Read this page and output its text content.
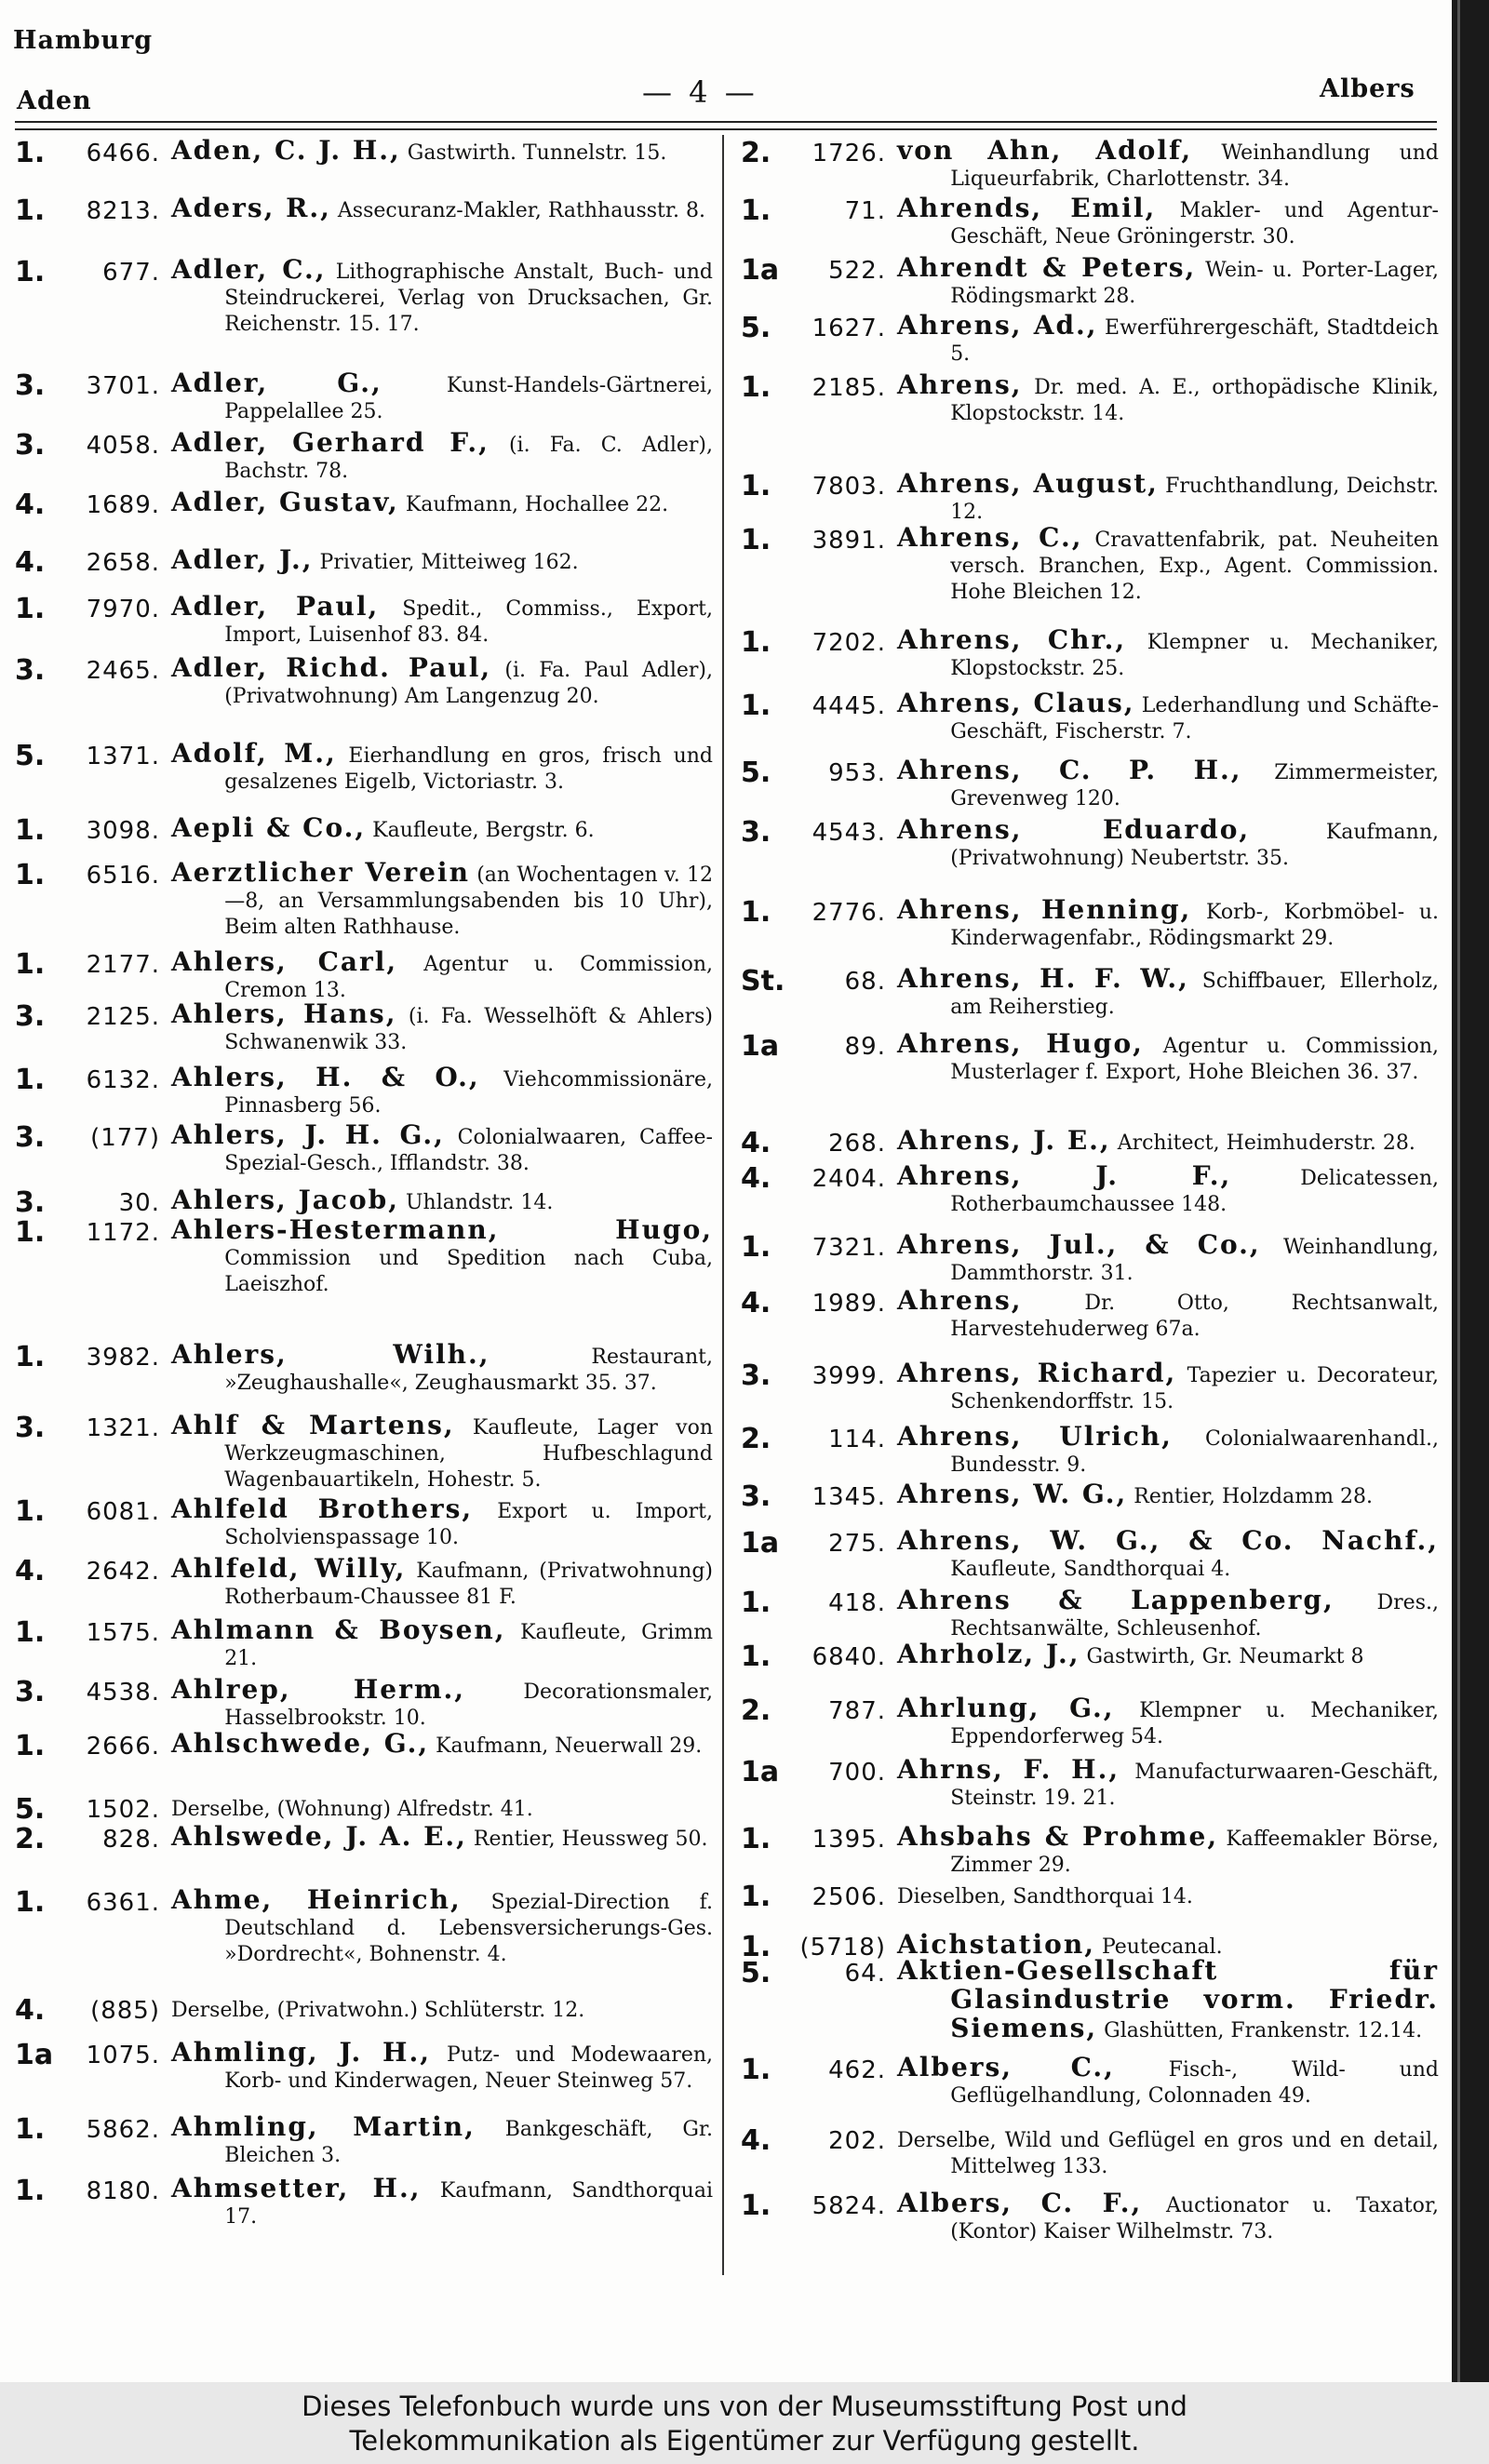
Hamburg
Aden	— 4 —	Albers
1.	6466. Aden, C. J. H., Gastwirth. Tunnelstr. 15.
1.	8213. Aders, R., Assecuranz-Makler, Rathhausstr. 8.
1.	677. Adler, C., Lithographische Anstalt, Buch- und Steindruckerei, Verlag von Drucksachen, Gr. Reichenstr. 15. 17.
3.	3701. Adler, G.,	Kunst-Handels-Gärtnerei, Pappelallee 25.
3.	4058. Adler, Gerhard F., (i. Fa. C. Adler), Bachstr. 78.
4.	1689. Adler, Gustav, Kaufmann, Hochallee 22.
4.	2658. Adler, J., Privatier, Mitteiweg 162.
1.	7970. Adler, Paul, Spedit., Commiss., Export, Import, Luisenhof 83. 84.
3.	2465. Adler, Richd. Paul, (i. Fa. Paul Adler), (Privatwohnung) Am Langenzug 20.
5.	1371. Adolf, M., Eierhandlung en gros, frisch und gesalzenes Eigelb, Victoriastr. 3.
1.	3098. Aepli & Co., Kaufleute, Bergstr. 6.
1.	6516. Aerztlicher Verein (an Wochentagen v. 12—8, an Versammlungsabenden bis 10 Uhr), Beim alten Rathhause.
1.	2177. Ahlers, Carl, Agentur u. Commission, Cremon 13.
3.	2125. Ahlers, Hans, (i. Fa. Wesselhöft & Ahlers) Schwanenwik 33.
1.	6132. Ahlers, H. & O., Viehcommissionäre, Pinnasberg 56.
3.	(177) Ahlers, J. H. G., Colonialwaaren, Caffee-Spezial-Gesch., Ifflandstr. 38.
3.	30. Ahlers, Jacob, Uhlandstr. 14.
1.	1172. Ahlers-Hestermann, Hugo, Commission und Spedition nach Cuba, Laeiszhof.
1.	3982. Ahlers, Wilh.,	Restaurant, »Zeughaushalle«, Zeughausmarkt 35. 37.
3.	1321. Ahlf & Martens, Kaufleute, Lager von Werkzeugmaschinen, Hufbeschlagund Wagenbauartikeln, Hohestr. 5.
1.	6081. Ahlfeld Brothers, Export u. Import, Scholvienspassage 10.
4.	2642. Ahlfeld, Willy, Kaufmann, (Privatwohnung) Rotherbaum-Chaussee 81 F.
1.	1575. Ahlmann & Boysen, Kaufleute, Grimm 21.
3.	4538. Ahlrep, Herm.,	Decorationsmaler, Hasselbrookstr. 10.
1.	2666. Ahlschwede, G., Kaufmann, Neuerwall 29.
5.	1502. Derselbe, (Wohnung) Alfredstr. 41.
2.	828. Ahlswede, J. A. E., Rentier, Heussweg 50.
1.	6361. Ahme, Heinrich, Spezial-Direction f. Deutschland d. Lebensversicherungs-Ges. »Dordrecht«, Bohnenstr. 4.
4.	(885) Derselbe, (Privatwohn.) Schlüterstr. 12.
1a	1075. Ahmling, J. H., Putz- und Modewaaren, Korb- und Kinderwagen, Neuer Steinweg 57.
1.	5862. Ahmling, Martin, Bankgeschäft, Gr. Bleichen 3.
1.	8180. Ahmsetter, H., Kaufmann, Sandthorquai 17.
2.	1726. von Ahn, Adolf, Weinhandlung und Liqueurfabrik, Charlottenstr. 34.
1.	71. Ahrends, Emil, Makler- und Agentur-Geschäft, Neue Gröningerstr. 30.
1a	522. Ahrendt & Peters, Wein- u. Porter-Lager, Rödingsmarkt 28.
5.	1627. Ahrens, Ad., Ewerführergeschäft, Stadtdeich 5.
1.	2185. Ahrens, Dr. med. A. E., orthopädische Klinik, Klopstockstr. 14.
1.	7803. Ahrens, August, Fruchthandlung, Deichstr. 12.
1.	3891. Ahrens, C., Cravattenfabrik, pat. Neuheiten versch. Branchen, Exp., Agent. Commission. Hohe Bleichen 12.
1.	7202. Ahrens, Chr., Klempner u. Mechaniker, Klopstockstr. 25.
1.	4445. Ahrens, Claus, Lederhandlung und Schäfte-Geschäft, Fischerstr. 7.
5.	953. Ahrens, C. P. H., Zimmermeister, Grevenweg 120.
3.	4543. Ahrens, Eduardo,	Kaufmann, (Privatwohnung) Neubertstr. 35.
1.	2776. Ahrens, Henning, Korb-, Korbmöbel- u. Kinderwagenfabr., Rödingsmarkt 29.
St.	68. Ahrens, H. F. W., Schiffbauer, Ellerholz, am Reiherstieg.
1a	89. Ahrens, Hugo, Agentur u. Commission, Musterlager f. Export, Hohe Bleichen 36. 37.
4.	268. Ahrens, J. E., Architect, Heimhuderstr. 28.
4.	2404. Ahrens, J. F.,	Delicatessen, Rotherbaumchaussee 148.
1.	7321. Ahrens, Jul., & Co., Weinhandlung, Dammthorstr. 31.
4.	1989. Ahrens,	Dr. Otto, Rechtsanwalt, Harvestehuderweg 67a.
3.	3999. Ahrens, Richard, Tapezier u. Decorateur, Schenkendorffstr. 15.
2.	114. Ahrens, Ulrich, Colonialwaarenhandl., Bundesstr. 9.
3.	1345. Ahrens, W. G., Rentier, Holzdamm 28.
1a	275. Ahrens, W. G., & Co. Nachf., Kaufleute, Sandthorquai 4.
1.	418. Ahrens & Lappenberg, Dres., Rechtsanwälte, Schleusenhof.
1.	6840. Ahrholz, J., Gastwirth, Gr. Neumarkt 8
2.	787. Ahrlung, G., Klempner u. Mechaniker, Eppendorferweg 54.
1a	700. Ahrns, F. H., Manufacturwaaren-Geschäft, Steinstr. 19. 21.
1.	1395. Ahsbahs & Prohme, Kaffeemakler Börse, Zimmer 29.
1.	2506. Dieselben, Sandthorquai 14.
1.	(5718) Aichstation, Peutecanal.
5.	64. Aktien-Gesellschaft für Glasindustrie vorm. Friedr. Siemens, Glashütten, Frankenstr. 12.14.
1.	462. Albers, C.,	Fisch-, Wild- und Geflügelhandlung, Colonnaden 49.
4.	202. Derselbe, Wild und Geflügel en gros und en detail, Mittelweg 133.
1.	5824. Albers, C. F., Auctionator u. Taxator, (Kontor) Kaiser Wilhelmstr. 73.
Dieses Telefonbuch wurde uns von der Museumsstiftung Post und
Telekommunikation als Eigentümer zur Verfügung gestellt.
